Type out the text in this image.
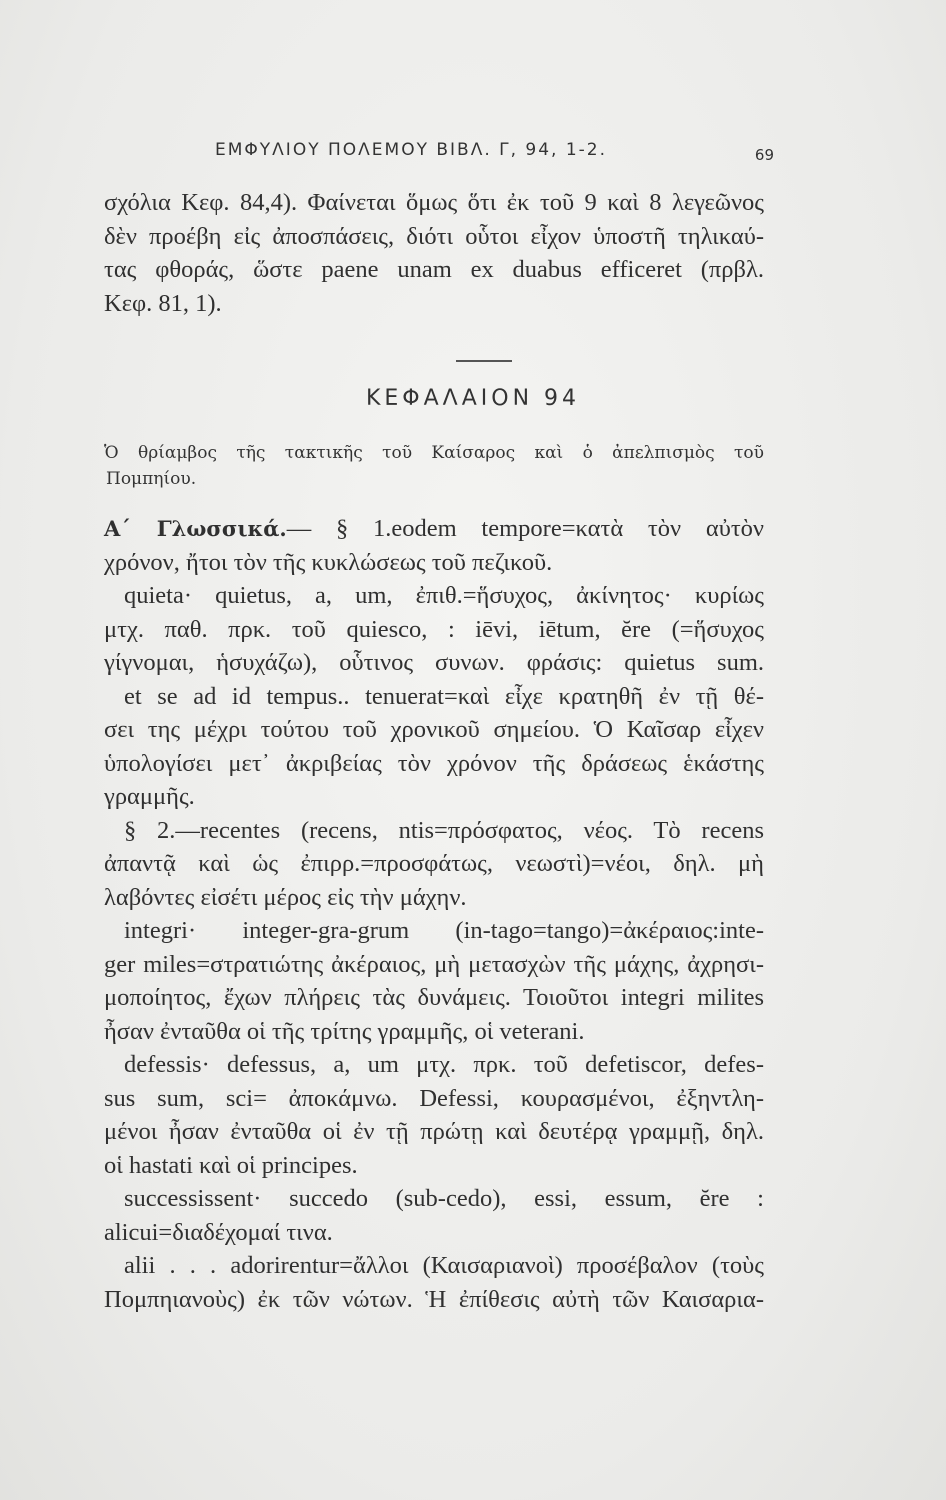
ΕΜΦΥΛΙΟΥ ΠΟΛΕΜΟΥ ΒΙΒΛ. Γ, 94, 1-2.	69

σχόλια Κεφ. 84,4). Φαίνεται ὅμως ὅτι ἐκ τοῦ 9 καὶ 8 λεγεῶνος

δὲν προέβη εἰς ἀποσπάσεις, διότι οὗτοι εἶχον ὑποστῆ τηλικαύ-

τας φθοράς, ὥστε paene unam ex duabus efficeret (πρβλ.

Κεφ. 81, 1).

ΚΕΦΑΛΑΙΟΝ 94
Ὁ θρίαμβος τῆς τακτικῆς τοῦ Καίσαρος καὶ ὁ ἀπελπισμὸς τοῦ
Πομπηίου.

Α΄ Γλωσσικά.— § 1.eodem tempore=κατὰ τὸν αὐτὸν

χρόνον, ἤτοι τὸν τῆς κυκλώσεως τοῦ πεζικοῦ.

quieta· quietus, a, um, ἐπιθ.=ἥσυχος, ἀκίνητος· κυρίως

μτχ. παθ. πρκ. τοῦ quiesco, : iēvi, iētum, ĕre (=ἥσυχος

γίγνομαι, ἡσυχάζω), οὗτινος συνων. φράσις: quietus sum.

et se ad id tempus.. tenuerat=καὶ εἶχε κρατηθῆ ἐν τῇ θέ-

σει της μέχρι τούτου τοῦ χρονικοῦ σημείου. Ὁ Καῖσαρ εἶχεν

ὑπολογίσει μετ᾽ ἀκριβείας τὸν χρόνον τῆς δράσεως ἑκάστης

γραμμῆς.

§ 2.—recentes (recens, ntis=πρόσφατος, νέος. Τὸ recens

ἀπαντᾷ καὶ ὡς ἐπιρρ.=προσφάτως, νεωστὶ)=νέοι, δηλ. μὴ

λαβόντες εἰσέτι μέρος εἰς τὴν μάχην.

integri· integer-gra-grum (in-tago=tango)=ἀκέραιος:inte-

ger miles=στρατιώτης ἀκέραιος, μὴ μετασχὼν τῆς μάχης, ἀχρησι-

μοποίητος, ἔχων πλήρεις τὰς δυνάμεις. Τοιοῦτοι integri milites

ἦσαν ἐνταῦθα οἱ τῆς τρίτης γραμμῆς, οἱ veterani.

defessis· defessus, a, um μτχ. πρκ. τοῦ defetiscor, defes-

sus sum, sci= ἀποκάμνω. Defessi, κουρασμένοι, ἐξηντλη-

μένοι ἦσαν ἐνταῦθα οἱ ἐν τῇ πρώτῃ καὶ δευτέρᾳ γραμμῇ, δηλ.

οἱ hastati καὶ οἱ principes.

successissent· succedo (sub-cedo), essi, essum, ĕre :

alicui=διαδέχομαί τινα.

alii . . . adorirentur=ἄλλοι (Καισαριανοὶ) προσέβαλον (τοὺς

Πομπηιανοὺς) ἐκ τῶν νώτων. Ἡ ἐπίθεσις αὐτὴ τῶν Καισαρια-
